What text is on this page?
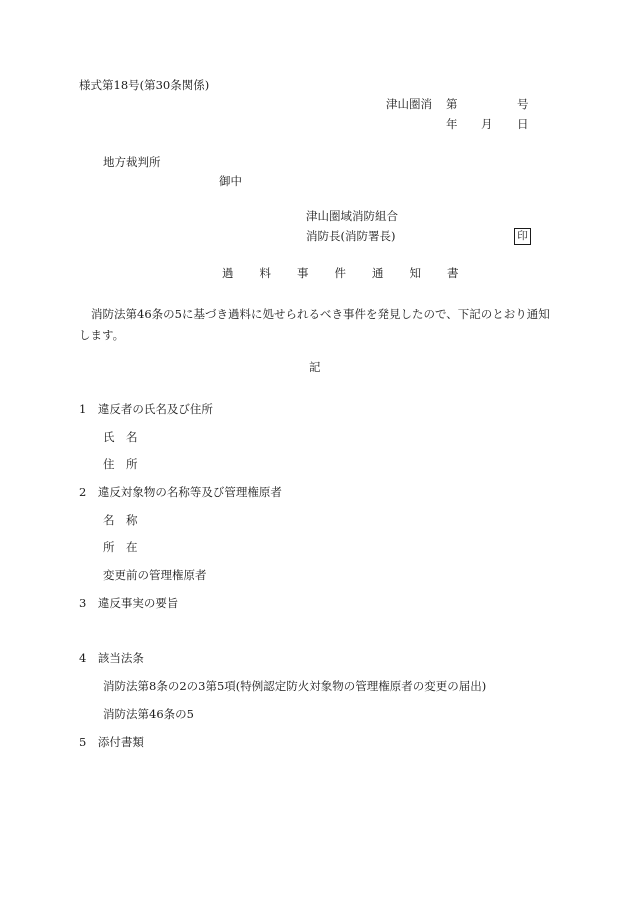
様式第18号(第30条関係)
津山圏消 第	号
年 月 日
地方裁判所
御中
津山圏域消防組合
消防長(消防署長)	印
過 料 事 件 通 知 書
消防法第46条の5に基づき過料に処せられるべき事件を発見したので、下記のとおり通知します。
記
1　違反者の氏名及び住所
氏　名
住　所
2　違反対象物の名称等及び管理権原者
名　称
所　在
変更前の管理権原者
3　違反事実の要旨
4　該当法条
消防法第8条の2の3第5項(特例認定防火対象物の管理権原者の変更の届出)
消防法第46条の5
5　添付書類
